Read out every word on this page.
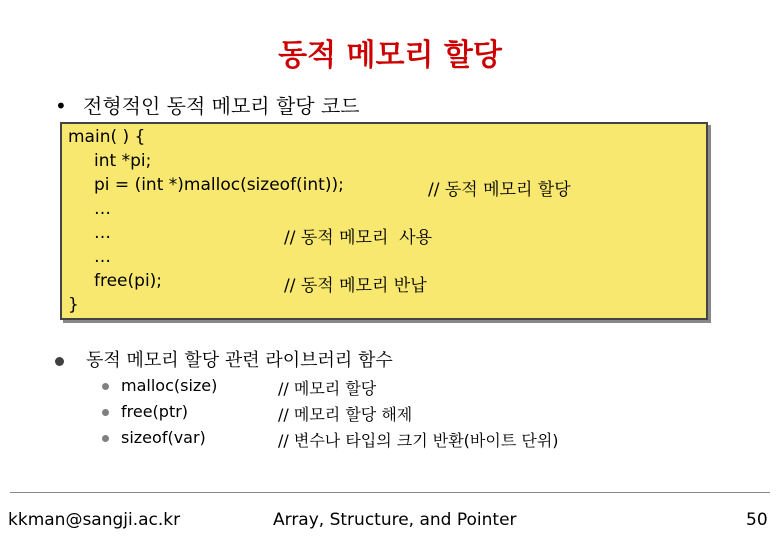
동적 메모리 할당
• 전형적인 동적 메모리 할당 코드
main( ) {
int *pi;
pi = (int *)malloc(sizeof(int));	// 동적 메모리 할당
…
…	// 동적 메모리  사용
…
free(pi);	// 동적 메모리 반납
}
동적 메모리 할당 관련 라이브러리 함수
malloc(size)	// 메모리 할당
free(ptr)	// 메모리 할당 해제
sizeof(var)	// 변수나 타입의 크기 반환(바이트 단위)
kkman@sangji.ac.kr	Array, Structure, and Pointer	50
